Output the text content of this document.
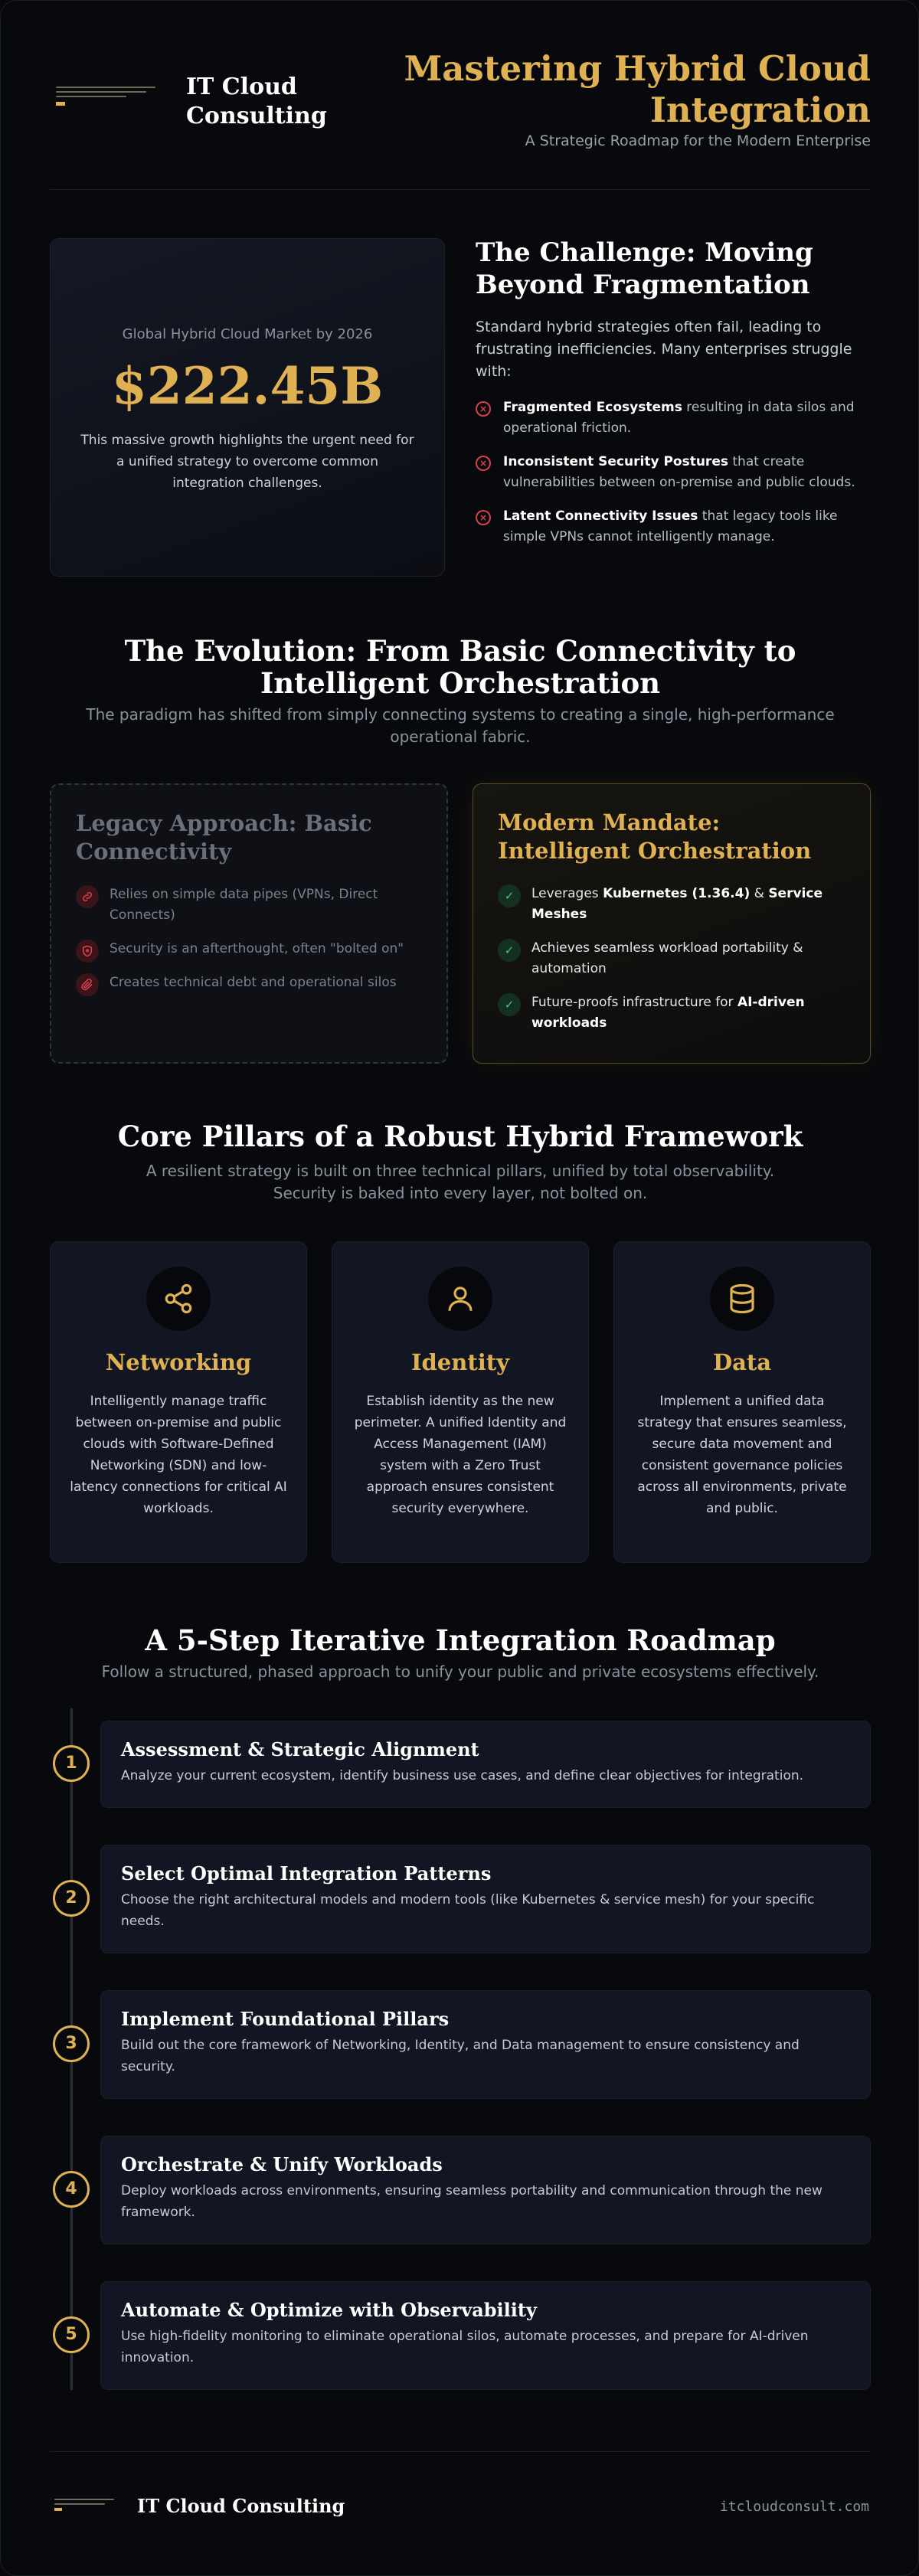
IT Cloud Consulting
Mastering Hybrid Cloud Integration
A Strategic Roadmap for the Modern Enterprise
Global Hybrid Cloud Market by 2026
$222.45B
This massive growth highlights the urgent need for a unified strategy to overcome common integration challenges.
The Challenge: Moving Beyond Fragmentation
Standard hybrid strategies often fail, leading to frustrating inefficiencies. Many enterprises struggle with:
× Fragmented Ecosystems resulting in data silos and operational friction.
× Inconsistent Security Postures that create vulnerabilities between on-premise and public clouds.
× Latent Connectivity Issues that legacy tools like simple VPNs cannot intelligently manage.
The Evolution: From Basic Connectivity to Intelligent Orchestration
The paradigm has shifted from simply connecting systems to creating a single, high-performance operational fabric.
Legacy Approach: Basic Connectivity
Relies on simple data pipes (VPNs, Direct Connects)
Security is an afterthought, often "bolted on"
Creates technical debt and operational silos
Modern Mandate: Intelligent Orchestration
✓	Leverages Kubernetes (1.36.4) & Service Meshes
✓	Achieves seamless workload portability & automation
✓	Future-proofs infrastructure for AI-driven workloads
Core Pillars of a Robust Hybrid Framework
A resilient strategy is built on three technical pillars, unified by total observability. Security is baked into every layer, not bolted on.
Networking
Intelligently manage traffic between on-premise and public clouds with Software-Defined Networking (SDN) and low-latency connections for critical AI workloads.
Identity
Establish identity as the new perimeter. A unified Identity and Access Management (IAM) system with a Zero Trust approach ensures consistent security everywhere.
Data
Implement a unified data strategy that ensures seamless, secure data movement and consistent governance policies across all environments, private and public.
A 5-Step Iterative Integration Roadmap
Follow a structured, phased approach to unify your public and private ecosystems effectively.
1
Assessment & Strategic Alignment
Analyze your current ecosystem, identify business use cases, and define clear objectives for integration.
2
Select Optimal Integration Patterns
Choose the right architectural models and modern tools (like Kubernetes & service mesh) for your specific needs.
3
Implement Foundational Pillars
Build out the core framework of Networking, Identity, and Data management to ensure consistency and security.
4
Orchestrate & Unify Workloads
Deploy workloads across environments, ensuring seamless portability and communication through the new framework.
5
Automate & Optimize with Observability
Use high-fidelity monitoring to eliminate operational silos, automate processes, and prepare for AI-driven innovation.
IT Cloud Consulting	itcloudconsult.com
